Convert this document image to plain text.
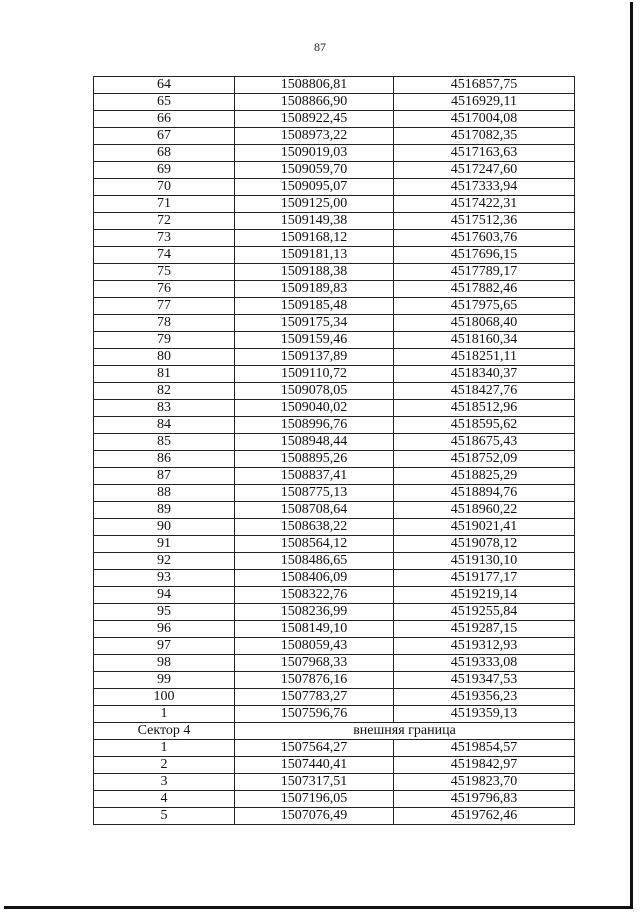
87
64	1508806,81	4516857,75
65	1508866,90	4516929,11
66	1508922,45	4517004,08
67	1508973,22	4517082,35
68	1509019,03	4517163,63
69	1509059,70	4517247,60
70	1509095,07	4517333,94
71	1509125,00	4517422,31
72	1509149,38	4517512,36
73	1509168,12	4517603,76
74	1509181,13	4517696,15
75	1509188,38	4517789,17
76	1509189,83	4517882,46
77	1509185,48	4517975,65
78	1509175,34	4518068,40
79	1509159,46	4518160,34
80	1509137,89	4518251,11
81	1509110,72	4518340,37
82	1509078,05	4518427,76
83	1509040,02	4518512,96
84	1508996,76	4518595,62
85	1508948,44	4518675,43
86	1508895,26	4518752,09
87	1508837,41	4518825,29
88	1508775,13	4518894,76
89	1508708,64	4518960,22
90	1508638,22	4519021,41
91	1508564,12	4519078,12
92	1508486,65	4519130,10
93	1508406,09	4519177,17
94	1508322,76	4519219,14
95	1508236,99	4519255,84
96	1508149,10	4519287,15
97	1508059,43	4519312,93
98	1507968,33	4519333,08
99	1507876,16	4519347,53
100	1507783,27	4519356,23
1	1507596,76	4519359,13
Сектор 4	внешняя граница	
1	1507564,27	4519854,57
2	1507440,41	4519842,97
3	1507317,51	4519823,70
4	1507196,05	4519796,83
5	1507076,49	4519762,46
